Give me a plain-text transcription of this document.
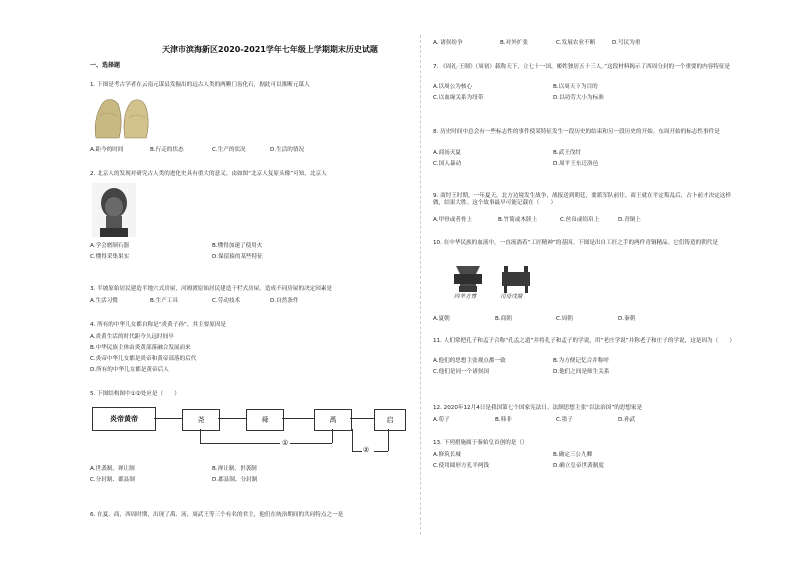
天津市滨海新区2020-2021学年七年级上学期期末历史试题
一、选择题
1. 下图是考古学者在云南元谋县发掘出的远古人类的两颗门齿化石，据此可以推断元谋人
A.距今的时间	B.行走的状态	C.生产的状况	D.生活的情况
2. 北京人的发现对研究古人类的进化史具有重大的意义。由如图“北京人复原头像”可知，北京人
A.学会磨制石器	B.懂得加速了使用火
C.懂得采集果实	D.保留猿的某些特征
3. 半坡原始居民建造半地穴式房屋，河姆渡原始居民建造干栏式房屋。造成不同房屋的决定因素是
A.生活习惯	B.生产工具	C.劳动技术	D.自然条件
4. 所有的中华儿女都自称是“炎黄子孙”，其主要原因是
A.炎黄生活的时代距今久远时间早
B.中华民族主体由炎黄部落融合发展而来
C.炎帝中华儿女都是炎帝和黄帝部落的后代
D.所有的中华儿女都是黄帝后人
5. 下图结构图中①②处应是（　　）
炎帝黄帝	尧	舜	禹	启
①
②
A.世袭制、禅让制	B.禅让制、世袭制
C.分封制、郡县制	D.郡县制、分封制
6. 在夏、商、西周时期，出现了禹、汤、周武王等三个有名的君主，他们在统治期间的共同特点之一是
A. 诸侯纷争	B.对外扩张	C.发展农业不断	D.号民为重
7. 《周礼·王制》（周初）载称天下，立七十一国，姬姓独居五十三人。”这段材料揭示了西周分封的一个重要的内容特征是
A.以周公为核心	B.以周天下为目的
C.以血缘关系为纽带	D.以功劳大小为标准
8. 历史时间中总会有一些标志性的事件使某特征发生一段历史的结束和另一段历史的开始。东周开始的标志性事件是
A.商汤灭夏	B.武王伐纣
C.国人暴动	D.周平王东迁洛邑
9. 商纣王时期，一年夏天，北方边境发生战争，战报送到朝廷，要派军队前往。商王就在平定叛乱后，占卜前才决定这样做，结果大胜。这个故事最早可能记载在（　　）
A.甲骨或者骨上	B.竹简或木牍上	C.丝帛或绢帛上	D.青铜上
10. 在中华民族的血液中，一直流淌着“工匠精神”的基因。下图是出自工匠之手的两件青铜精品。它们铸造的朝代是
四羊方尊	司母戊鼎
A.夏朝	B.商朝	C.周朝	D.秦朝
11. 人们常把孔子和孟子合称“孔孟之道”并将孔子和孟子的学说，用“老庄学说”并称老子和庄子的学说，这是因为（　　）
A.他们的思想主张观点都一致	B.为方便记忆合并称呼
C.他们是同一个诸侯国	D.他们之间是师生关系
12. 2020年12月4日是我国第七个国家宪法日。法制思想主张“以法治国”的思想家是
A.荀子	B.韩非	C.墨子	D.孙武
13. 下列措施属于秦始皇首创的是（）
A.修筑长城	B.确定三公九卿
C.使用圆形方孔半两钱	D.确立皇帝世袭制度
